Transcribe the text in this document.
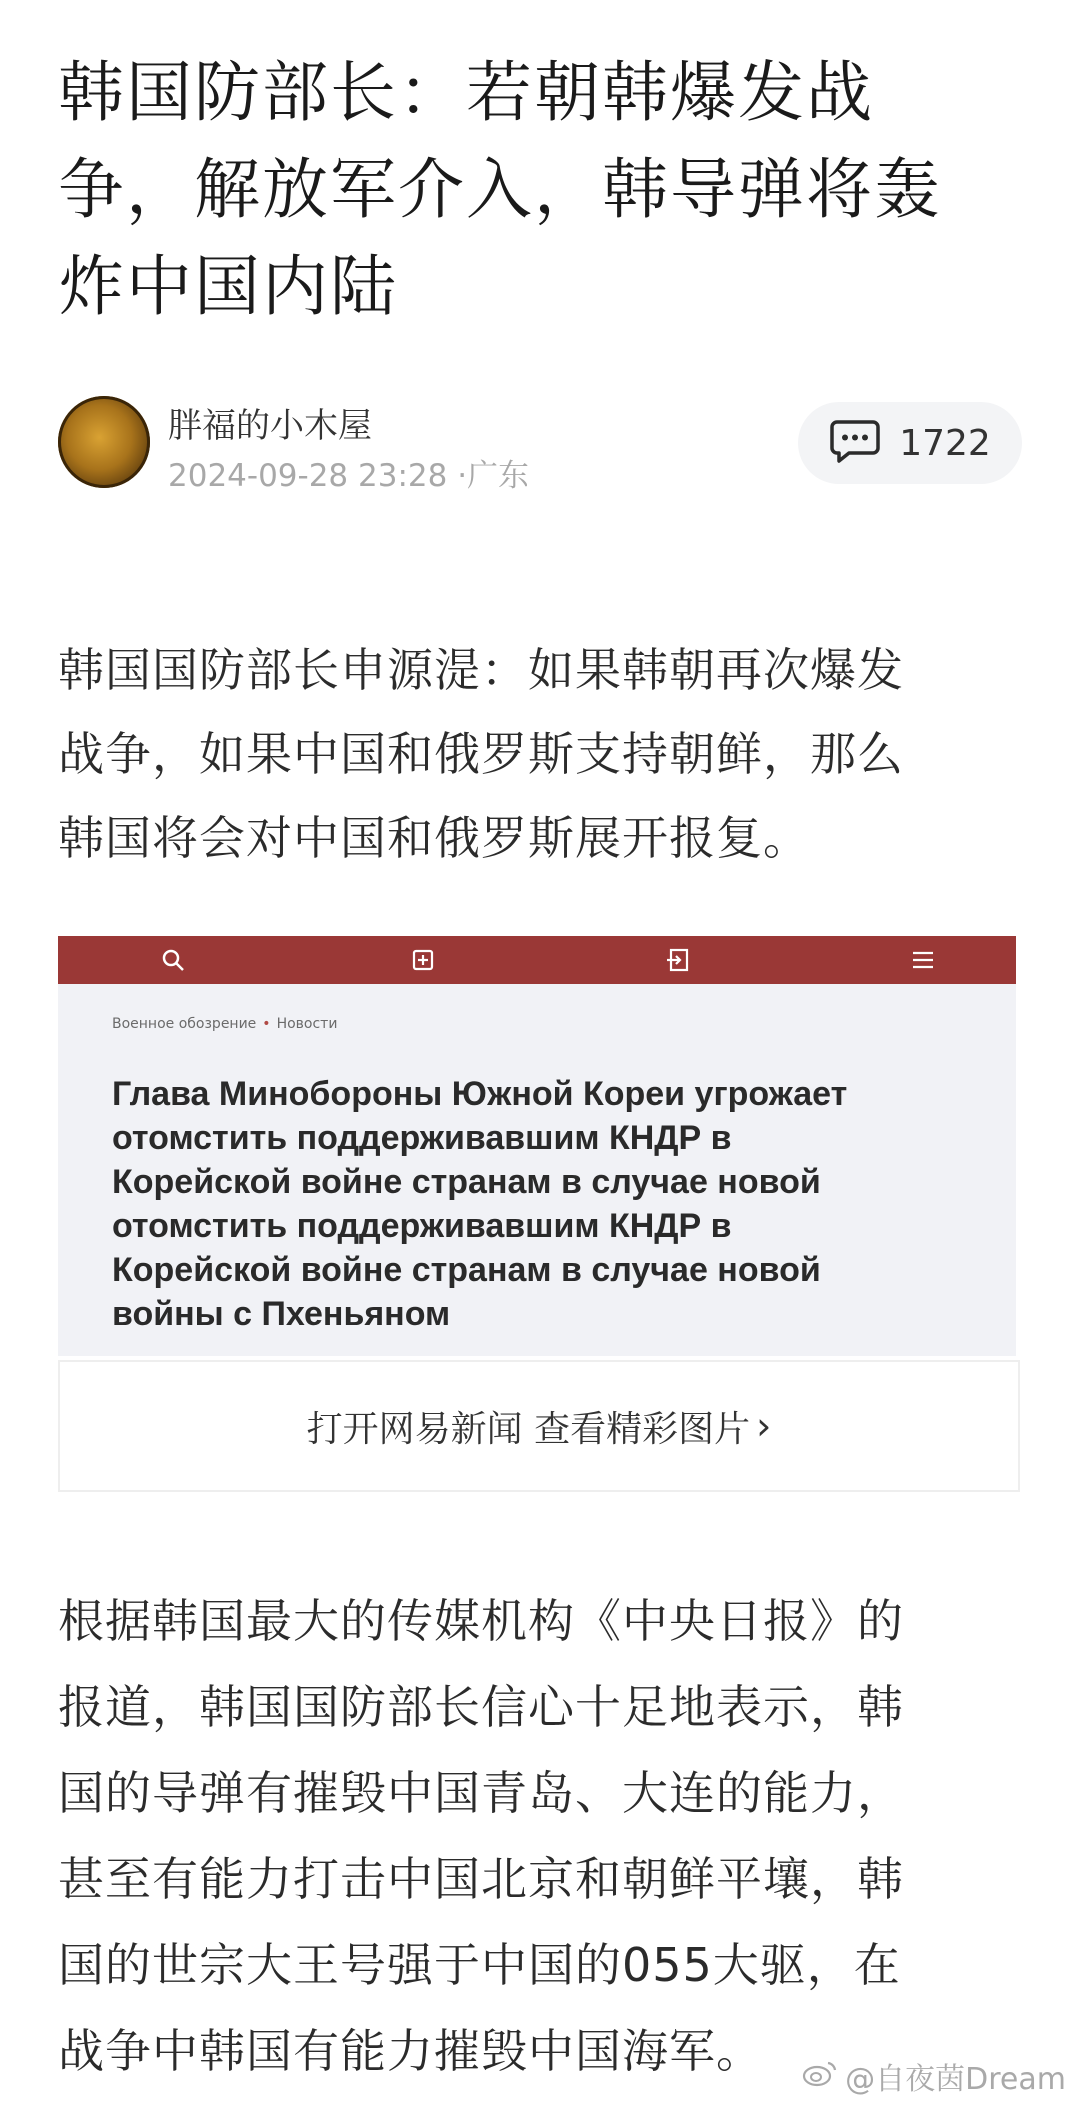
韩国防部长：若朝韩爆发战
争，解放军介入，韩导弹将轰
炸中国内陆
胖福的小木屋
2024-09-28 23:28 ·广东
1722
韩国国防部长申源湜：如果韩朝再次爆发
战争，如果中国和俄罗斯支持朝鲜，那么
韩国将会对中国和俄罗斯展开报复。
Военное обозрение • Новости
Глава Минобороны Южной Кореи угрожает
отомстить поддерживавшим КНДР в
Корейской войне странам в случае новой
отомстить поддерживавшим КНДР в
Корейской войне странам в случае новой
войны с Пхеньяном
打开网易新闻 查看精彩图片 ›
根据韩国最大的传媒机构《中央日报》的
报道，韩国国防部长信心十足地表示，韩
国的导弹有摧毁中国青岛、大连的能力，
甚至有能力打击中国北京和朝鲜平壤，韩
国的世宗大王号强于中国的055大驱，在
战争中韩国有能力摧毁中国海军。
@自夜茵Dream
